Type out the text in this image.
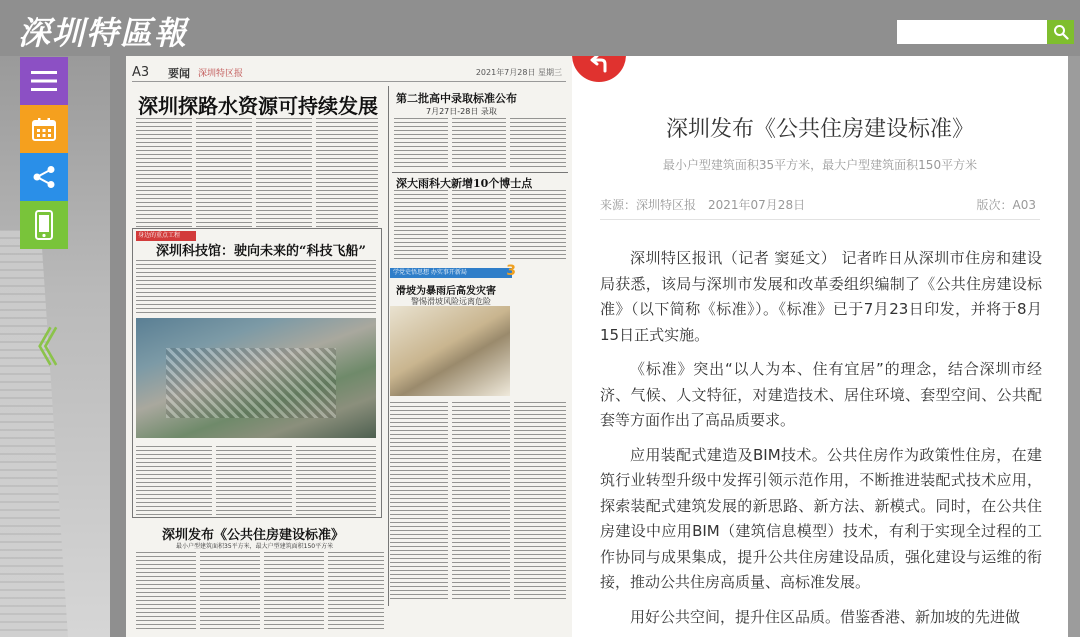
深圳特區報
《
A3 要闻 深圳特区报	2021年7月28日 星期三
深圳探路水资源可持续发展	第二批高中录取标准公布
7月27日-28日 录取
深大雨科大新增10个博士点
身边的重点工程
深圳科技馆：驶向未来的“科技飞船”
学党史悟思想 办实事开新局	3
滑坡为暴雨后高发灾害
警惕滑坡风险远离危险
深圳发布《公共住房建设标准》
最小户型建筑面积35平方米，最大户型建筑面积150平方米
深圳发布《公共住房建设标准》
最小户型建筑面积35平方米，最大户型建筑面积150平方米
来源：深圳特区报 2021年07月28日	版次：A03

深圳特区报讯（记者 窦延文） 记者昨日从深圳市住房和建设局获悉，该局与深圳市发展和改革委组织编制了《公共住房建设标准》（以下简称《标准》）。《标准》已于7月23日印发，并将于8月15日正式实施。

《标准》突出“以人为本、住有宜居”的理念，结合深圳市经济、气候、人文特征，对建造技术、居住环境、套型空间、公共配套等方面作出了高品质要求。

应用装配式建造及BIM技术。公共住房作为政策性住房，在建筑行业转型升级中发挥引领示范作用，不断推进装配式技术应用，探索装配式建筑发展的新思路、新方法、新模式。同时，在公共住房建设中应用BIM（建筑信息模型）技术，有利于实现全过程的工作协同与成果集成，提升公共住房建设品质，强化建设与运维的衔接，推动公共住房高质量、高标准发展。

用好公共空间，提升住区品质。借鉴香港、新加坡的先进做
